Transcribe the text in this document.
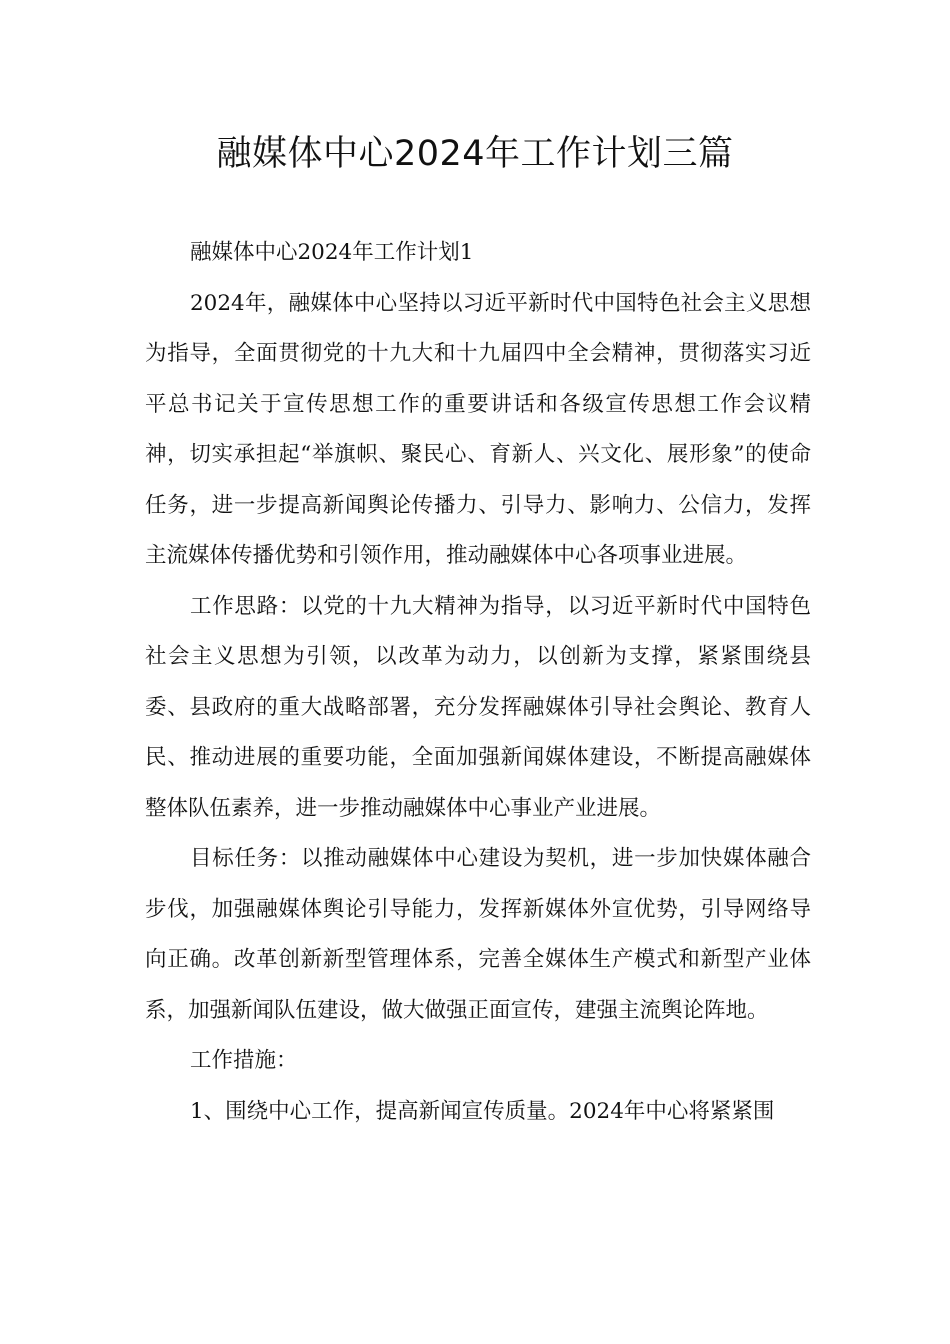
融媒体中心2024年工作计划三篇

融媒体中心2024年工作计划1

2024年，融媒体中心坚持以习近平新时代中国特色社会主义思想为指导，全面贯彻党的十九大和十九届四中全会精神，贯彻落实习近平总书记关于宣传思想工作的重要讲话和各级宣传思想工作会议精神，切实承担起“举旗帜、聚民心、育新人、兴文化、展形象”的使命任务，进一步提高新闻舆论传播力、引导力、影响力、公信力，发挥主流媒体传播优势和引领作用，推动融媒体中心各项事业进展。

工作思路：以党的十九大精神为指导，以习近平新时代中国特色社会主义思想为引领，以改革为动力，以创新为支撑，紧紧围绕县委、县政府的重大战略部署，充分发挥融媒体引导社会舆论、教育人民、推动进展的重要功能，全面加强新闻媒体建设，不断提高融媒体整体队伍素养，进一步推动融媒体中心事业产业进展。

目标任务：以推动融媒体中心建设为契机，进一步加快媒体融合步伐，加强融媒体舆论引导能力，发挥新媒体外宣优势，引导网络导向正确。改革创新新型管理体系，完善全媒体生产模式和新型产业体系，加强新闻队伍建设，做大做强正面宣传，建强主流舆论阵地。

工作措施：

1、围绕中心工作，提高新闻宣传质量。2024年中心将紧紧围
